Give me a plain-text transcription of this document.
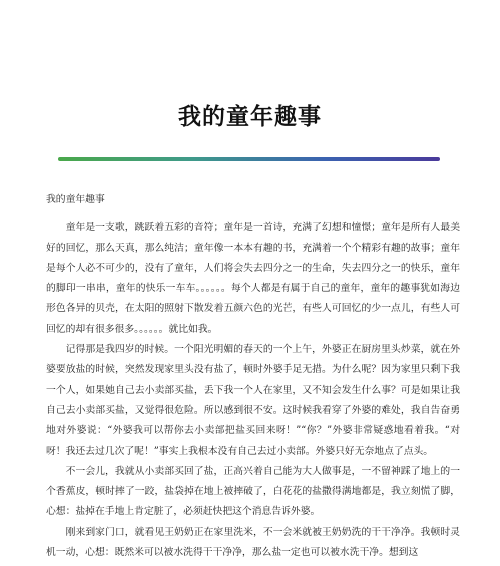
我的童年趣事

我的童年趣事

童年是一支歌，跳跃着五彩的音符；童年是一首诗，充满了幻想和憧憬；童年是所有人最美好的回忆，那么天真，那么纯洁；童年像一本本有趣的书，充满着一个个精彩有趣的故事；童年是每个人必不可少的，没有了童年，人们将会失去四分之一的生命，失去四分之一的快乐，童年的脚印一串串，童年的快乐一车车。。。。。。每个人都是有属于自己的童年，童年的趣事犹如海边形色各异的贝壳，在太阳的照射下散发着五颜六色的光芒，有些人可回忆的少一点儿，有些人可回忆的却有很多很多。。。。。。就比如我。

记得那是我四岁的时候。一个阳光明媚的春天的一个上午，外婆正在厨房里头炒菜，就在外婆要放盐的时候，突然发现家里头没有盐了，顿时外婆手足无措。为什么呢？因为家里只剩下我一个人，如果她自己去小卖部买盐，丢下我一个人在家里，又不知会发生什么事？可是如果让我自己去小卖部买盐，又觉得很危险。所以感到很不安。这时候我看穿了外婆的难处，我自告奋勇地对外婆说：“外婆我可以帮你去小卖部把盐买回来呀！”“你？”外婆非常疑惑地看着我。“对呀！我还去过几次了呢！”事实上我根本没有自己去过小卖部。外婆只好无奈地点了点头。

不一会儿，我就从小卖部买回了盐，正高兴着自己能为大人做事是，一不留神踩了地上的一个香蕉皮，顿时摔了一跤，盐袋掉在地上被摔破了，白花花的盐撒得满地都是，我立刻慌了脚，心想：盐掉在手地上肯定脏了，必须赶快把这个消息告诉外婆。

刚来到家门口，就看见王奶奶正在家里洗米，不一会米就被王奶奶洗的干干净净。我顿时灵机一动，心想：既然米可以被水洗得干干净净，那么盐一定也可以被水洗干净。想到这
